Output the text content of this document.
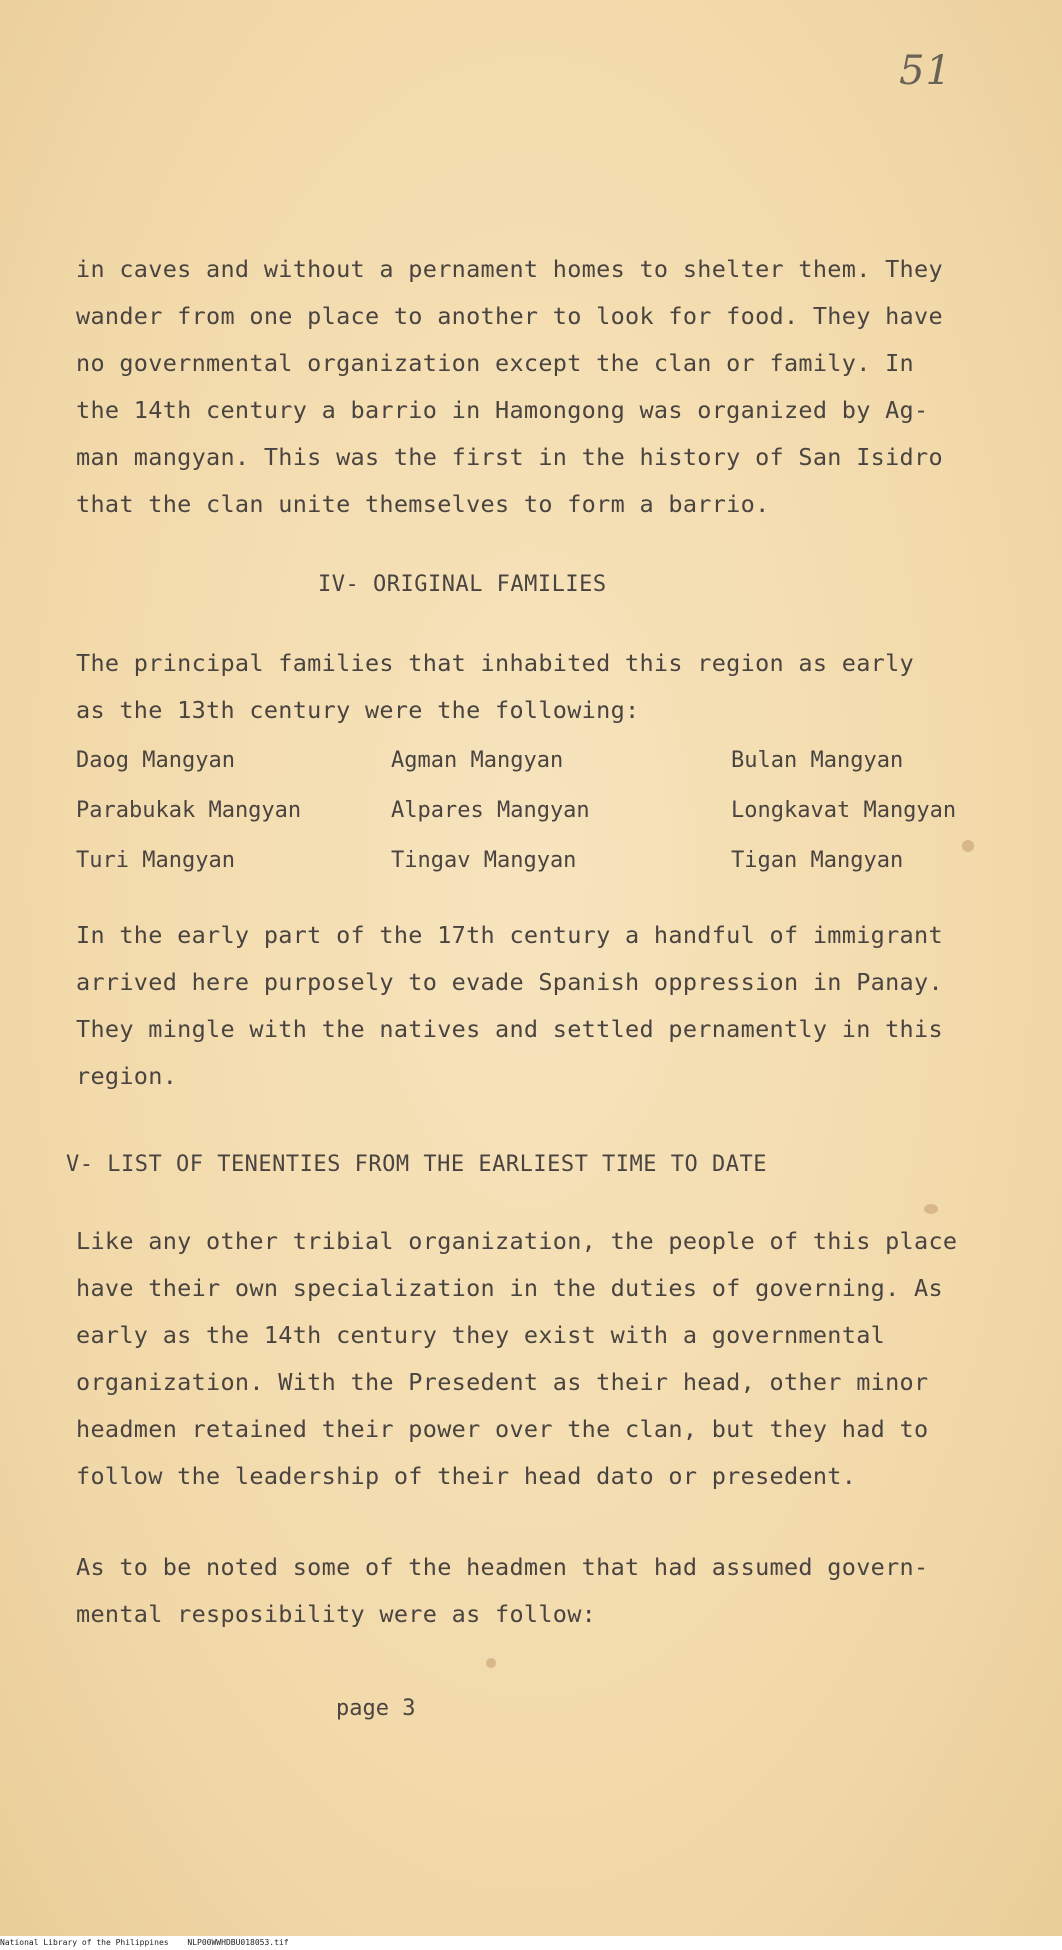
51
in caves and without a pernament homes to shelter them. They
wander from one place to another to look for food. They have
no governmental organization except the clan or family. In
the 14th century a barrio in Hamongong was organized by Ag-
man mangyan. This was the first in the history of San Isidro
that the clan unite themselves to form a barrio.
IV- ORIGINAL FAMILIES
The principal families that inhabited this region as early
as the 13th century were the following:
Daog Mangyan	Agman Mangyan	Bulan Mangyan
Parabukak Mangyan	Alpares Mangyan	Longkavat Mangyan
Turi Mangyan	Tingav Mangyan	Tigan Mangyan
In the early part of the 17th century a handful of immigrant
arrived here purposely to evade Spanish oppression in Panay.
They mingle with the natives and settled pernamently in this
region.
V- LIST OF TENENTIES FROM THE EARLIEST TIME TO DATE
Like any other tribial organization, the people of this place
have their own specialization in the duties of governing. As
early as the 14th century they exist with a governmental
organization. With the Presedent as their head, other minor
headmen retained their power over the clan, but they had to
follow the leadership of their head dato or presedent.
As to be noted some of the headmen that had assumed govern-
mental resposibility were as follow:
page 3
National Library of the Philippines NLP00WWHDBU018053.tif
